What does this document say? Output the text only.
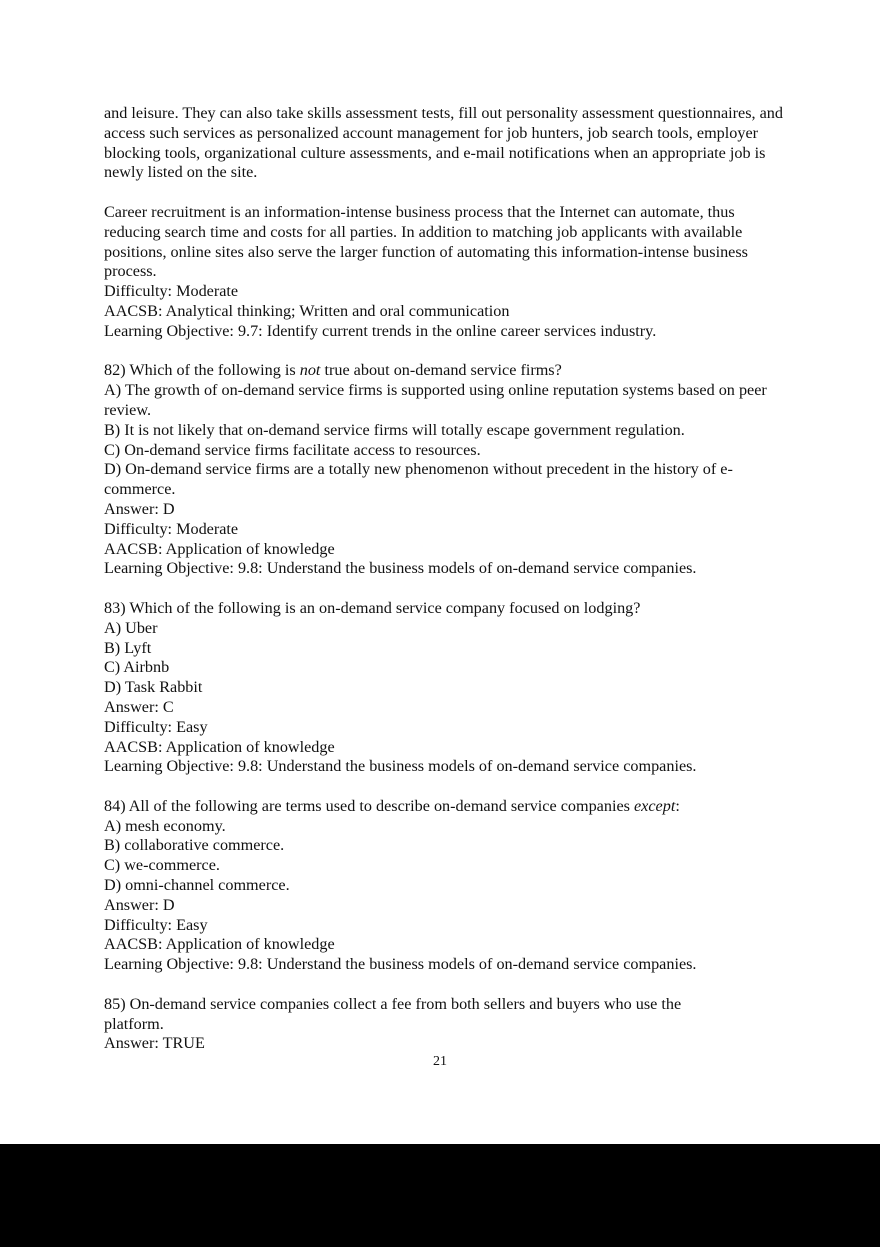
and leisure. They can also take skills assessment tests, fill out personality assessment questionnaires, and access such services as personalized account management for job hunters, job search tools, employer blocking tools, organizational culture assessments, and e-mail notifications when an appropriate job is newly listed on the site.

Career recruitment is an information-intense business process that the Internet can automate, thus reducing search time and costs for all parties. In addition to matching job applicants with available positions, online sites also serve the larger function of automating this information-intense business process.

Difficulty: Moderate

AACSB: Analytical thinking; Written and oral communication

Learning Objective: 9.7: Identify current trends in the online career services industry.

82) Which of the following is not true about on-demand service firms?

A) The growth of on-demand service firms is supported using online reputation systems based on peer review.

B) It is not likely that on-demand service firms will totally escape government regulation.

C) On-demand service firms facilitate access to resources.

D) On-demand service firms are a totally new phenomenon without precedent in the history of e-commerce.

Answer: D

Difficulty: Moderate

AACSB: Application of knowledge

Learning Objective: 9.8: Understand the business models of on-demand service companies.

83) Which of the following is an on-demand service company focused on lodging?

A) Uber

B) Lyft

C) Airbnb

D) Task Rabbit

Answer: C

Difficulty: Easy

AACSB: Application of knowledge

Learning Objective: 9.8: Understand the business models of on-demand service companies.

84) All of the following are terms used to describe on-demand service companies except:

A) mesh economy.

B) collaborative commerce.

C) we-commerce.

D) omni-channel commerce.

Answer: D

Difficulty: Easy

AACSB: Application of knowledge

Learning Objective: 9.8: Understand the business models of on-demand service companies.

85) On-demand service companies collect a fee from both sellers and buyers who use the platform.

Answer: TRUE

21
